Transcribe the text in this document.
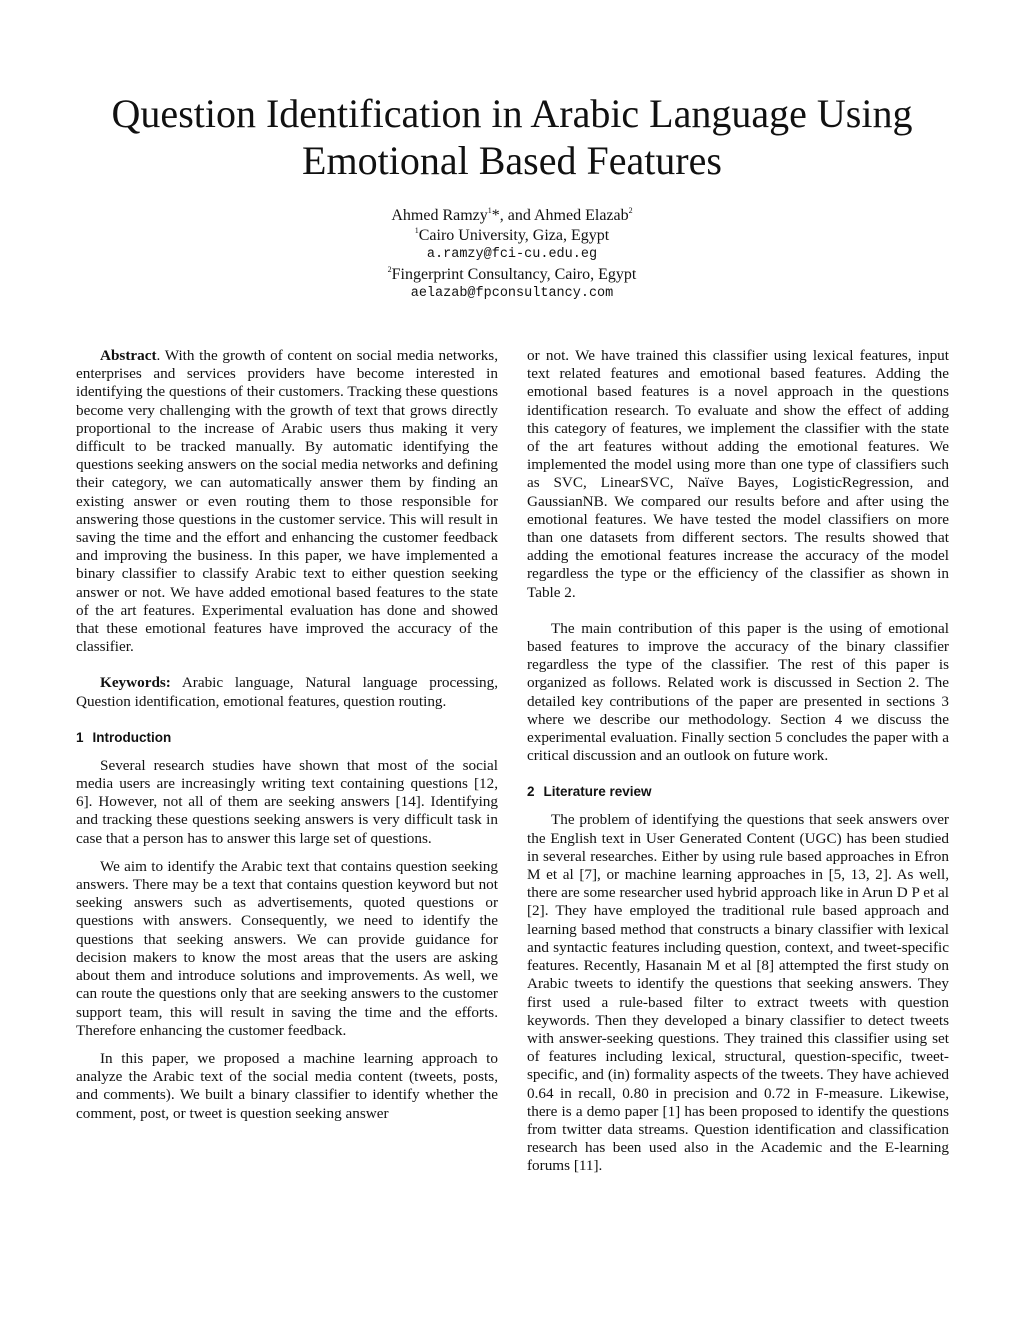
Question Identification in Arabic Language Using
Emotional Based Features
Ahmed Ramzy$^1$*, and Ahmed Elazab$^2$
$^1$Cairo University, Giza, Egypt
a.ramzy@fci-cu.edu.eg
$^2$Fingerprint Consultancy, Cairo, Egypt
aelazab@fpconsultancy.com

Abstract. With the growth of content on social media networks, enterprises and services providers have become interested in identifying the questions of their customers. Tracking these questions become very challenging with the growth of text that grows directly proportional to the increase of Arabic users thus making it very difficult to be tracked manually. By automatic identifying the questions seeking answers on the social media networks and defining their category, we can automatically answer them by finding an existing answer or even routing them to those responsible for answering those questions in the customer service. This will result in saving the time and the effort and enhancing the customer feedback and improving the business. In this paper, we have implemented a binary classifier to classify Arabic text to either question seeking answer or not. We have added emotional based features to the state of the art features. Experimental evaluation has done and showed that these emotional features have improved the accuracy of the classifier.

Keywords: Arabic language, Natural language processing, Question identification, emotional features, question routing.

1 Introduction

Several research studies have shown that most of the social media users are increasingly writing text containing questions [12, 6]. However, not all of them are seeking answers [14]. Identifying and tracking these questions seeking answers is very difficult task in case that a person has to answer this large set of questions.

We aim to identify the Arabic text that contains question seeking answers. There may be a text that contains question keyword but not seeking answers such as advertisements, quoted questions or questions with answers. Consequently, we need to identify the questions that seeking answers. We can provide guidance for decision makers to know the most areas that the users are asking about them and introduce solutions and improvements. As well, we can route the questions only that are seeking answers to the customer support team, this will result in saving the time and the efforts. Therefore enhancing the customer feedback.

In this paper, we proposed a machine learning approach to analyze the Arabic text of the social media content (tweets, posts, and comments). We built a binary classifier to identify whether the comment, post, or tweet is question seeking answer

or not. We have trained this classifier using lexical features, input text related features and emotional based features. Adding the emotional based features is a novel approach in the questions identification research. To evaluate and show the effect of adding this category of features, we implement the classifier with the state of the art features without adding the emotional features. We implemented the model using more than one type of classifiers such as SVC, LinearSVC, Naïve Bayes, LogisticRegression, and GaussianNB. We compared our results before and after using the emotional features. We have tested the model classifiers on more than one datasets from different sectors. The results showed that adding the emotional features increase the accuracy of the model regardless the type or the efficiency of the classifier as shown in Table 2.

The main contribution of this paper is the using of emotional based features to improve the accuracy of the binary classifier regardless the type of the classifier. The rest of this paper is organized as follows. Related work is discussed in Section 2. The detailed key contributions of the paper are presented in sections 3 where we describe our methodology. Section 4 we discuss the experimental evaluation. Finally section 5 concludes the paper with a critical discussion and an outlook on future work.

2 Literature review

The problem of identifying the questions that seek answers over the English text in User Generated Content (UGC) has been studied in several researches. Either by using rule based approaches in Efron M et al [7], or machine learning approaches in [5, 13, 2]. As well, there are some researcher used hybrid approach like in Arun D P et al [2]. They have employed the traditional rule based approach and learning based method that constructs a binary classifier with lexical and syntactic features including question, context, and tweet-specific features. Recently, Hasanain M et al [8] attempted the first study on Arabic tweets to identify the questions that seeking answers. They first used a rule-based filter to extract tweets with question keywords. Then they developed a binary classifier to detect tweets with answer-seeking questions. They trained this classifier using set of features including lexical, structural, question-specific, tweet-specific, and (in) formality aspects of the tweets. They have achieved 0.64 in recall, 0.80 in precision and 0.72 in F-measure. Likewise, there is a demo paper [1] has been proposed to identify the questions from twitter data streams. Question identification and classification research has been used also in the Academic and the E-learning forums [11].
